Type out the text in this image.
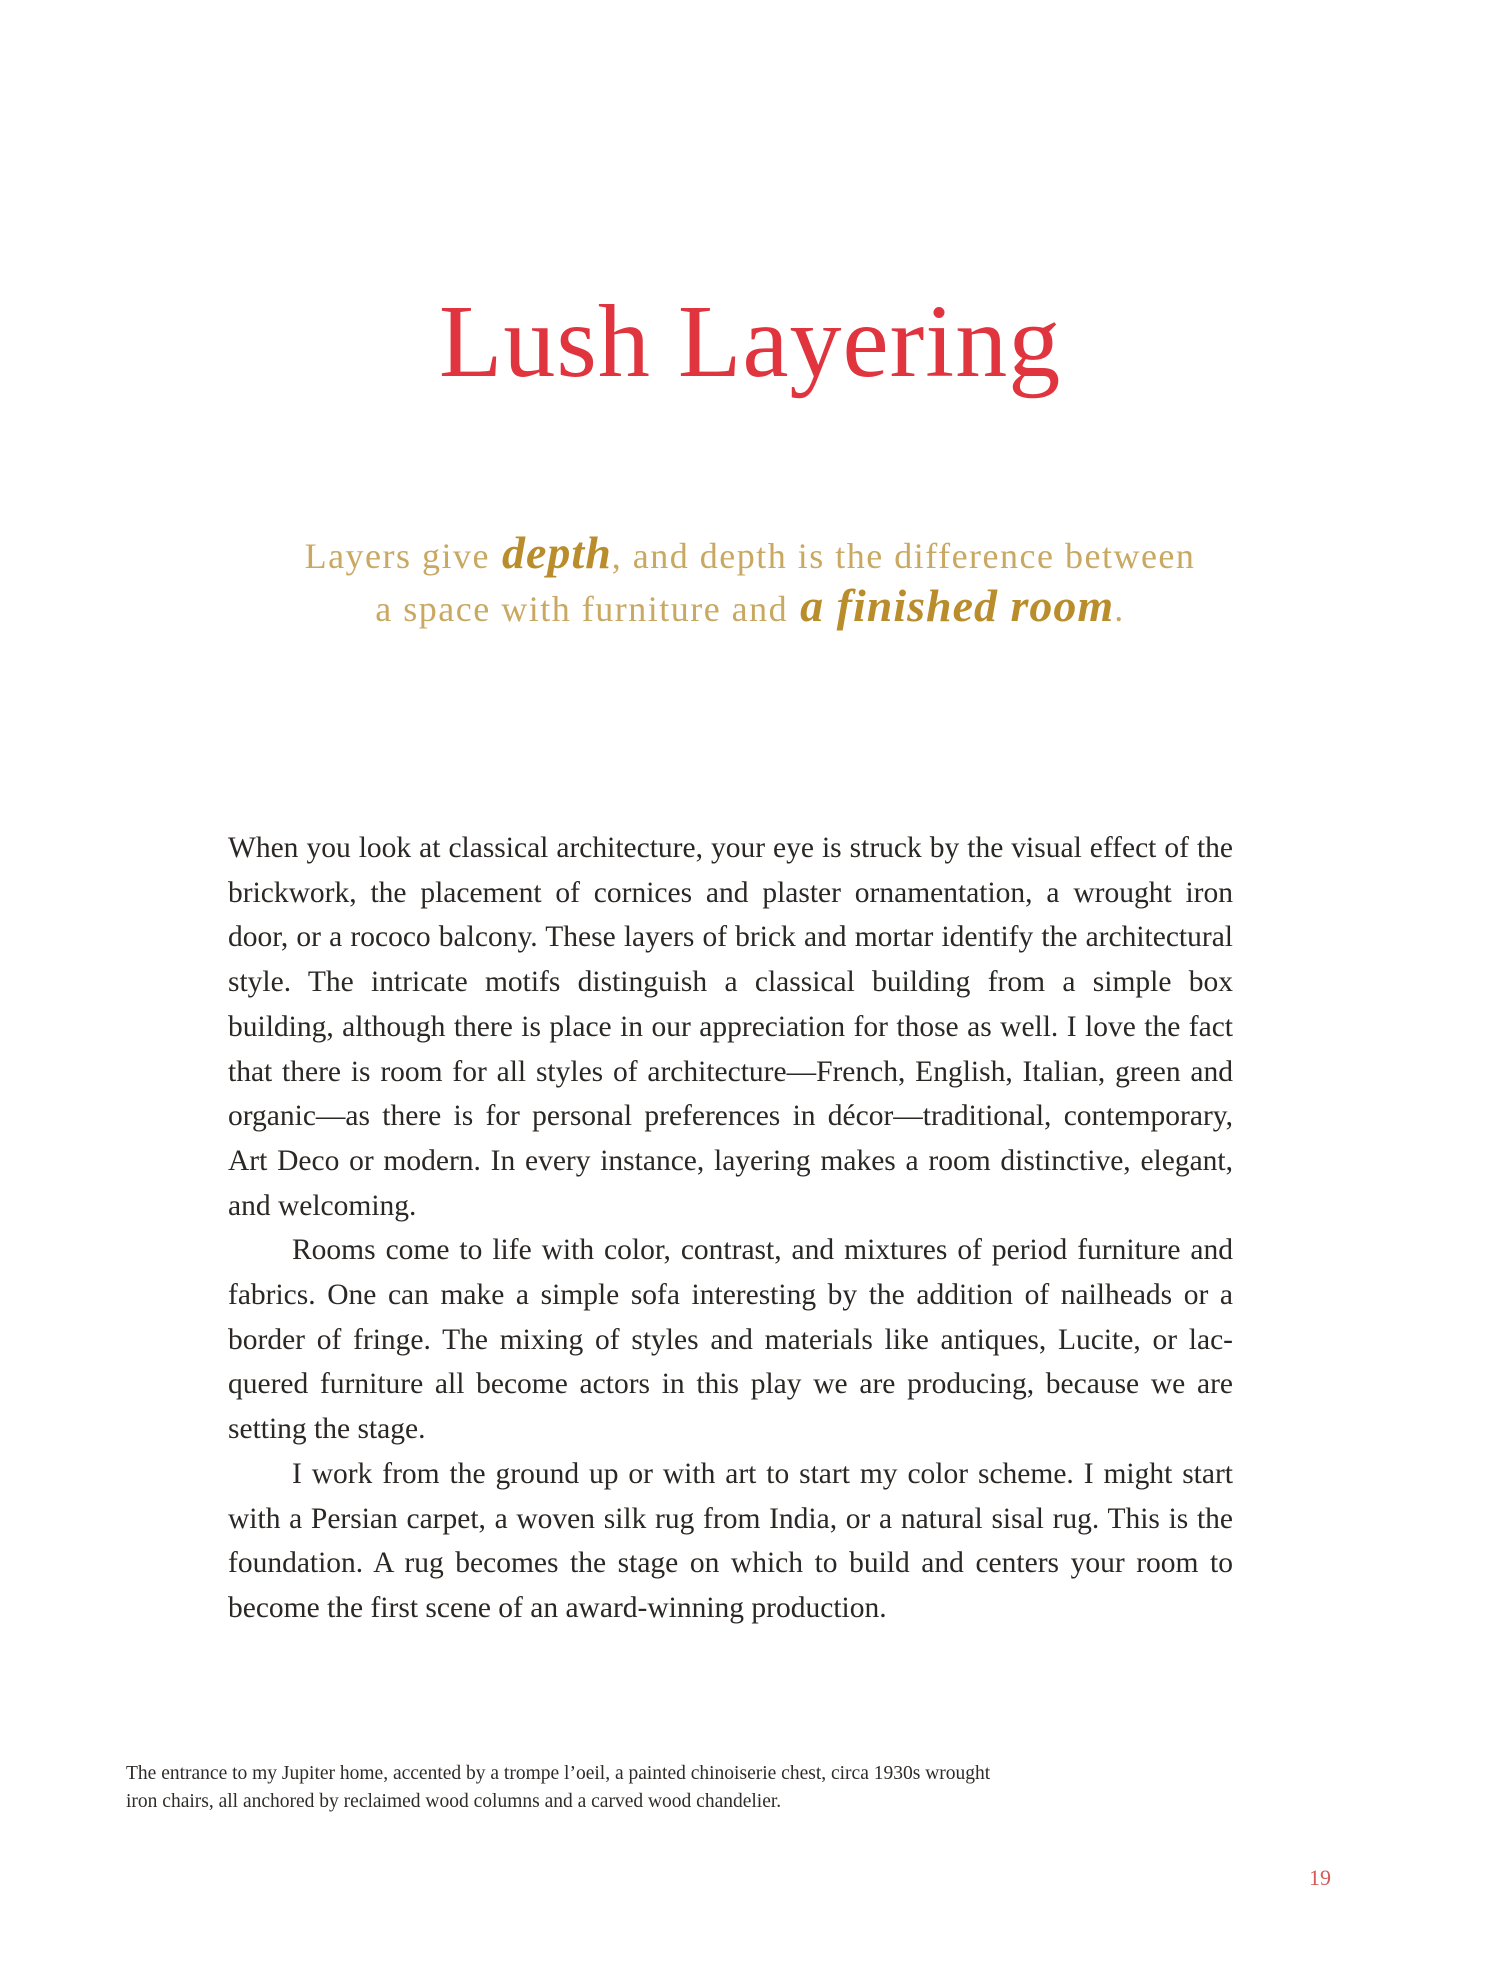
Lush Layering
Layers give depth, and depth is the difference between
a space with furniture and a finished room.

When you look at classical architecture, your eye is struck by the visual effect of the brickwork, the placement of cornices and plaster ornamentation, a wrought iron door, or a rococo balcony. These layers of brick and mortar identify the architectural style. The intricate motifs distinguish a classical building from a simple box building, although there is place in our appreciation for those as well. I love the fact that there is room for all styles of architecture—French, English, Italian, green and organic—as there is for personal preferences in décor—traditional, contemporary, Art Deco or modern. In every instance, layering makes a room distinctive, elegant, and welcoming.

Rooms come to life with color, contrast, and mixtures of period furniture and fabrics. One can make a simple sofa interesting by the addition of nailheads or a border of fringe. The mixing of styles and materials like antiques, Lucite, or lacquered furniture all become actors in this play we are producing, because we are setting the stage.

I work from the ground up or with art to start my color scheme. I might start with a Persian carpet, a woven silk rug from India, or a natural sisal rug. This is the foundation. A rug becomes the stage on which to build and centers your room to become the first scene of an award-winning production.

The entrance to my Jupiter home, accented by a trompe l’oeil, a painted chinoiserie chest, circa 1930s wrought
iron chairs, all anchored by reclaimed wood columns and a carved wood chandelier.
19
